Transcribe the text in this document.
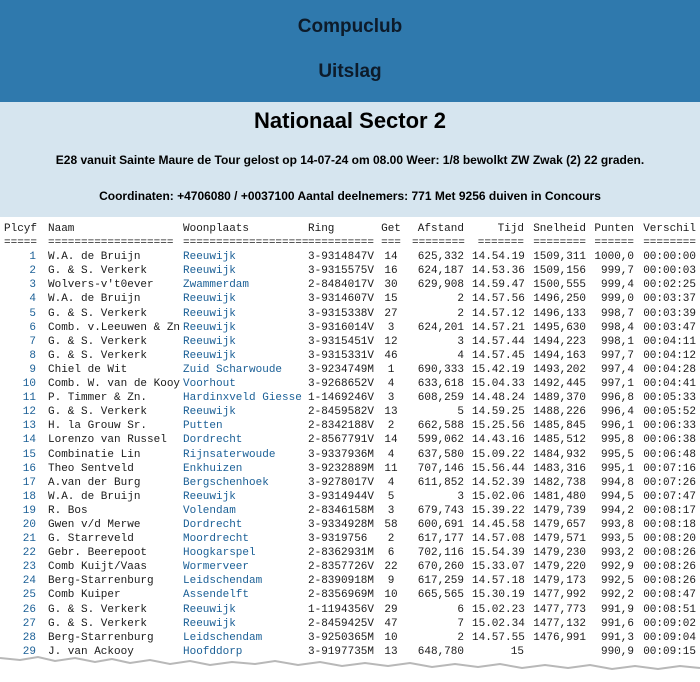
Compuclub
Uitslag
Nationaal Sector 2
E28 vanuit Sainte Maure de Tour gelost op 14-07-24 om 08.00 Weer: 1/8 bewolkt ZW Zwak (2) 22 graden.
Coordinaten: +4706080 / +0037100 Aantal deelnemers: 771 Met 9256 duiven in Concours
Plcyf Naam	Woonplaats	Ring	Get	Afstand	Tijd Snelheid Punten Verschil
===== =================== =================== ========== === ========	======= ======== ====== ========
1 W.A. de Bruijn	Reeuwijk	3-9314847V 14	625,332 14.54.19 1509,311 1000,0 00:00:00
2 G. & S. Verkerk	Reeuwijk	3-9315575V 16	624,187 14.53.36 1509,156	999,7 00:00:03
3 Wolvers-v't0ever	Zwammerdam	2-8484017V 30	629,908 14.59.47 1500,555	999,4 00:02:25
4 W.A. de Bruijn	Reeuwijk	3-9314607V 15	2 14.57.56 1496,250	999,0 00:03:37
5 G. & S. Verkerk	Reeuwijk	3-9315338V 27	2 14.57.12 1496,133	998,7 00:03:39
6 Comb. v.Leeuwen & Zn Reeuwijk	3-9316014V	3	624,201 14.57.21 1495,630	998,4 00:03:47
7 G. & S. Verkerk	Reeuwijk	3-9315451V 12	3 14.57.44 1494,223	998,1 00:04:11
8 G. & S. Verkerk	Reeuwijk	3-9315331V 46	4 14.57.45 1494,163	997,7 00:04:12
9 Chiel de Wit	Zuid Scharwoude	3-9234749M	1	690,333 15.42.19 1493,202	997,4 00:04:28
10 Comb. W. van de Kooy Voorhout	3-9268652V	4	633,618 15.04.33 1492,445	997,1 00:04:41
11 P. Timmer & Zn.	Hardinxveld Giesse 1-1469246V	3	608,259 14.48.24 1489,370	996,8 00:05:33
12 G. & S. Verkerk	Reeuwijk	2-8459582V 13	5 14.59.25 1488,226	996,4 00:05:52
13 H. la Grouw Sr.	Putten	2-8342188V	2	662,588 15.25.56 1485,845	996,1 00:06:33
14 Lorenzo van Russel	Dordrecht	2-8567791V 14	599,062 14.43.16 1485,512	995,8 00:06:38
15 Combinatie Lin	Rijnsaterwoude	3-9337936M	4	637,580 15.09.22 1484,932	995,5 00:06:48
16 Theo Sentveld	Enkhuizen	3-9232889M 11	707,146 15.56.44 1483,316	995,1 00:07:16
17 A.van der Burg	Bergschenhoek	3-9278017V	4	611,852 14.52.39 1482,738	994,8 00:07:26
18 W.A. de Bruijn	Reeuwijk	3-9314944V	5	3 15.02.06 1481,480	994,5 00:07:47
19 R. Bos	Volendam	2-8346158M	3	679,743 15.39.22 1479,739	994,2 00:08:17
20 Gwen v/d Merwe	Dordrecht	3-9334928M 58	600,691 14.45.58 1479,657	993,8 00:08:18
21 G. Starreveld	Moordrecht	3-9319756	2	617,177 14.57.08 1479,571	993,5 00:08:20
22 Gebr. Beerepoot	Hoogkarspel	2-8362931M	6	702,116 15.54.39 1479,230	993,2 00:08:26
23 Comb Kuijt/Vaas	Wormerveer	2-8357726V 22	670,260 15.33.07 1479,220	992,9 00:08:26
24 Berg-Starrenburg	Leidschendam	2-8390918M	9	617,259 14.57.18 1479,173	992,5 00:08:26
25 Comb Kuiper	Assendelft	2-8356969M 10	665,565 15.30.19 1477,992	992,2 00:08:47
26 G. & S. Verkerk	Reeuwijk	1-1194356V 29	6 15.02.23 1477,773	991,9 00:08:51
27 G. & S. Verkerk	Reeuwijk	2-8459425V 47	7 15.02.34 1477,132	991,6 00:09:02
28 Berg-Starrenburg	Leidschendam	3-9250365M 10	2 14.57.55 1476,991	991,3 00:09:04
29 J. van Ackooy	Hoofddorp	3-9197735M 13	648,780	15	990,9 00:09:15
